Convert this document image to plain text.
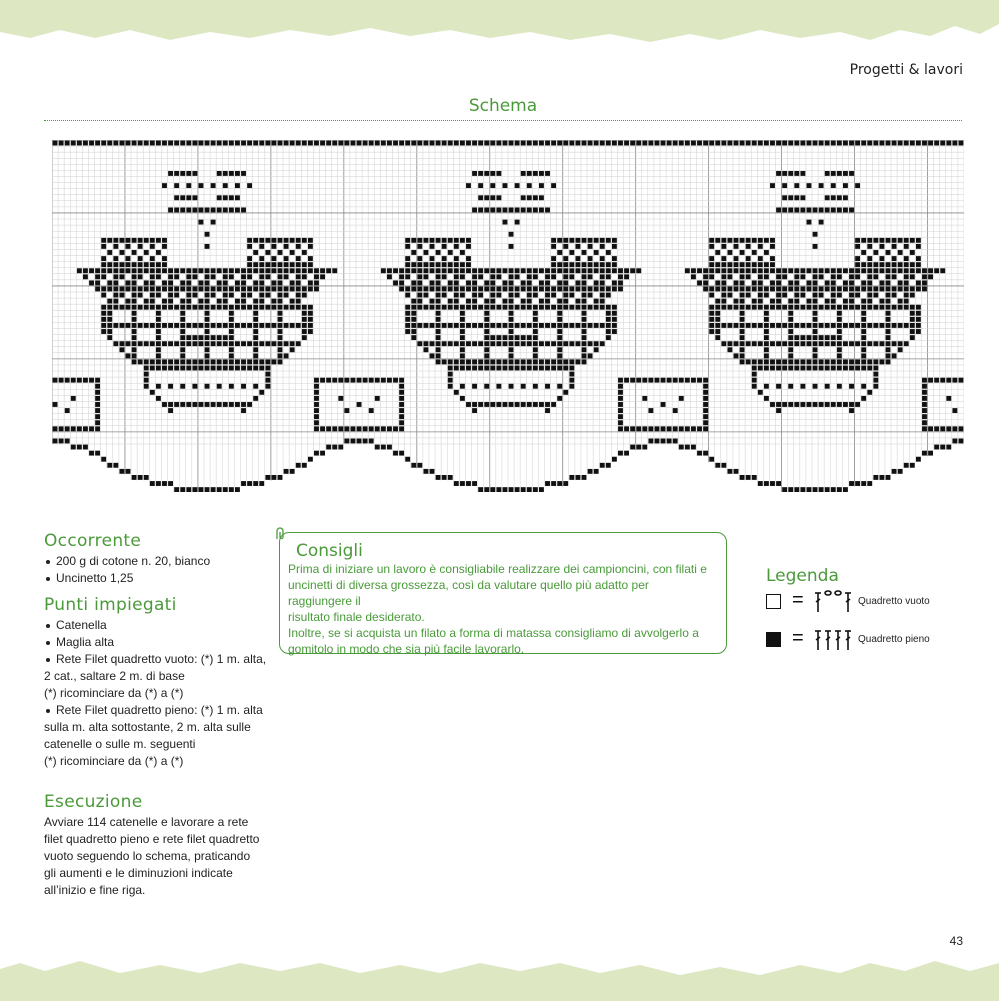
Progetti & lavori
Schema
Occorrente
200 g di cotone n. 20, bianco
Uncinetto 1,25
Punti impiegati
Catenella
Maglia alta
Rete Filet quadretto vuoto: (*) 1 m. alta,
2 cat., saltare 2 m. di base
(*) ricominciare da (*) a (*)
Rete Filet quadretto pieno: (*) 1 m. alta
sulla m. alta sottostante, 2 m. alta sulle
catenelle o sulle m. seguenti
(*) ricominciare da (*) a (*)
Esecuzione

Avviare 114 catenelle e lavorare a rete
filet quadretto pieno e rete filet quadretto
vuoto seguendo lo schema, praticando
gli aumenti e le diminuzioni indicate
all’inizio e fine riga.

Consigli

Prima di iniziare un lavoro è consigliabile realizzare dei campioncini, con filati e
uncinetti di diversa grossezza, così da valutare quello più adatto per raggiungere il
risultato finale desiderato.
Inoltre, se si acquista un filato a forma di matassa consigliamo di avvolgerlo a
gomitolo in modo che sia più facile lavorarlo.

Legenda
=	Quadretto vuoto
=	Quadretto pieno
43
